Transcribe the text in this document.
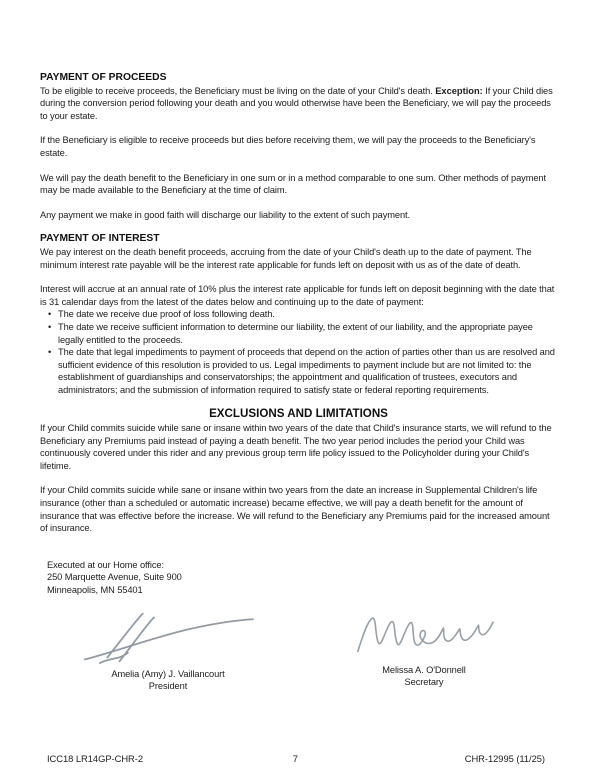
PAYMENT OF PROCEEDS

To be eligible to receive proceeds, the Beneficiary must be living on the date of your Child's death. Exception: If your Child dies during the conversion period following your death and you would otherwise have been the Beneficiary, we will pay the proceeds to your estate.

If the Beneficiary is eligible to receive proceeds but dies before receiving them, we will pay the proceeds to the Beneficiary's estate.

We will pay the death benefit to the Beneficiary in one sum or in a method comparable to one sum. Other methods of payment may be made available to the Beneficiary at the time of claim.

Any payment we make in good faith will discharge our liability to the extent of such payment.

PAYMENT OF INTEREST

We pay interest on the death benefit proceeds, accruing from the date of your Child's death up to the date of payment. The minimum interest rate payable will be the interest rate applicable for funds left on deposit with us as of the date of death.

Interest will accrue at an annual rate of 10% plus the interest rate applicable for funds left on deposit beginning with the date that is 31 calendar days from the latest of the dates below and continuing up to the date of payment:

• The date we receive due proof of loss following death.
• The date we receive sufficient information to determine our liability, the extent of our liability, and the appropriate payee legally entitled to the proceeds.
• The date that legal impediments to payment of proceeds that depend on the action of parties other than us are resolved and sufficient evidence of this resolution is provided to us. Legal impediments to payment include but are not limited to: the establishment of guardianships and conservatorships; the appointment and qualification of trustees, executors and administrators; and the submission of information required to satisfy state or federal reporting requirements.
EXCLUSIONS AND LIMITATIONS

If your Child commits suicide while sane or insane within two years of the date that Child's insurance starts, we will refund to the Beneficiary any Premiums paid instead of paying a death benefit. The two year period includes the period your Child was continuously covered under this rider and any previous group term life policy issued to the Policyholder during your Child's lifetime.

If your Child commits suicide while sane or insane within two years from the date an increase in Supplemental Children's life insurance (other than a scheduled or automatic increase) became effective, we will pay a death benefit for the amount of insurance that was effective before the increase. We will refund to the Beneficiary any Premiums paid for the increased amount of insurance.

Executed at our Home office:
250 Marquette Avenue, Suite 900
Minneapolis, MN 55401
Amelia (Amy) J. Vaillancourt
President
Melissa A. O'Donnell
Secretary
ICC18 LR14GP-CHR-2	7	CHR-12995 (11/25)
